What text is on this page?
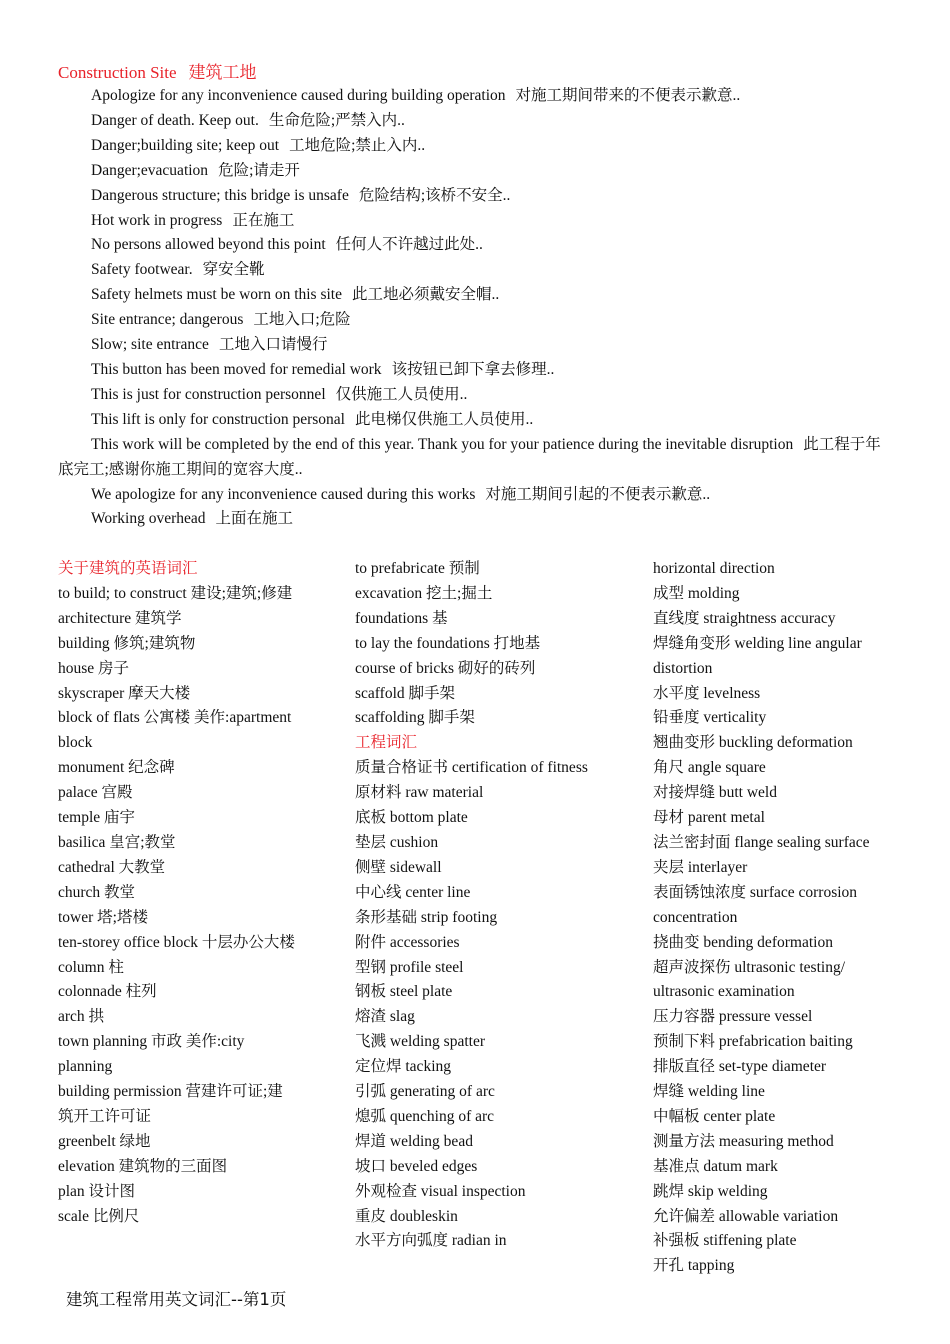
Construction Site 建筑工地
Apologize for any inconvenience caused during building operation 对施工期间带来的不便表示歉意..
Danger of death. Keep out. 生命危险;严禁入内..
Danger;building site; keep out 工地危险;禁止入内..
Danger;evacuation 危险;请走开
Dangerous structure; this bridge is unsafe 危险结构;该桥不安全..
Hot work in progress 正在施工
No persons allowed beyond this point 任何人不许越过此处..
Safety footwear. 穿安全靴
Safety helmets must be worn on this site 此工地必须戴安全帽..
Site entrance; dangerous 工地入口;危险
Slow; site entrance 工地入口请慢行
This button has been moved for remedial work 该按钮已卸下拿去修理..
This is just for construction personnel 仅供施工人员使用..
This lift is only for construction personal 此电梯仅供施工人员使用..
This work will be completed by the end of this year. Thank you for your patience during the inevitable disruption 此工程于年底完工;感谢你施工期间的宽容大度..
We apologize for any inconvenience caused during this works 对施工期间引起的不便表示歉意..
Working overhead 上面在施工
关于建筑的英语词汇
to build; to construct 建设;建筑;修建
architecture 建筑学
building 修筑;建筑物
house 房子
skyscraper 摩天大楼
block of flats 公寓楼 美作:apartment block
monument 纪念碑
palace 宫殿
temple 庙宇
basilica 皇宫;教堂
cathedral 大教堂
church 教堂
tower 塔;塔楼
ten-storey office block 十层办公大楼
column 柱
colonnade 柱列
arch 拱
town planning 市政 美作:city planning
building permission 营建许可证;建筑开工许可证
greenbelt 绿地
elevation 建筑物的三面图
plan 设计图
scale 比例尺
to prefabricate 预制
excavation 挖土;掘土
foundations 基
to lay the foundations 打地基
course of bricks 砌好的砖列
scaffold 脚手架
scaffolding 脚手架
工程词汇
质量合格证书 certification of fitness
原材料 raw material
底板 bottom plate
垫层 cushion
侧壁 sidewall
中心线 center line
条形基础 strip footing
附件 accessories
型钢 profile steel
钢板 steel plate
熔渣 slag
飞溅 welding spatter
定位焊 tacking
引弧 generating of arc
熄弧 quenching of arc
焊道 welding bead
坡口 beveled edges
外观检查 visual inspection
重皮 doubleskin
水平方向弧度 radian in
horizontal direction
成型 molding
直线度 straightness accuracy
焊缝角变形 welding line angular distortion
水平度 levelness
铅垂度 verticality
翘曲变形 buckling deformation
角尺 angle square
对接焊缝 butt weld
母材 parent metal
法兰密封面 flange sealing surface
夹层 interlayer
表面锈蚀浓度 surface corrosion concentration
挠曲变 bending deformation
超声波探伤 ultrasonic testing/ ultrasonic examination
压力容器 pressure vessel
预制下料 prefabrication baiting
排版直径 set-type diameter
焊缝 welding line
中幅板 center plate
测量方法 measuring method
基准点 datum mark
跳焊 skip welding
允许偏差 allowable variation
补强板 stiffening plate
开孔 tapping
建筑工程常用英文词汇--第1页
